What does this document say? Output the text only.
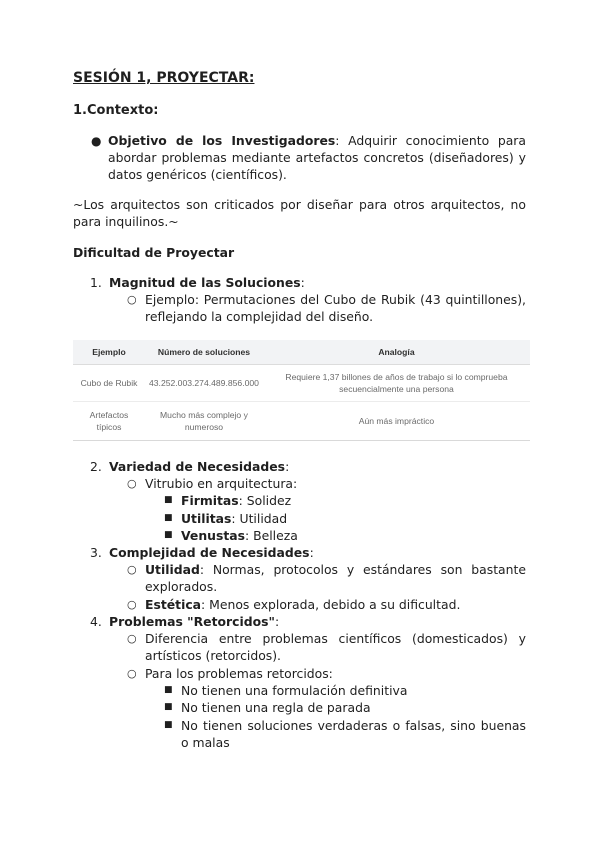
SESIÓN 1, PROYECTAR:
1.Contexto:
● Objetivo de los Investigadores: Adquirir conocimiento para abordar problemas mediante artefactos concretos (diseñadores) y datos genéricos (científicos).
~Los arquitectos son criticados por diseñar para otros arquitectos, no para inquilinos.~
Dificultad de Proyectar
1. Magnitud de las Soluciones:
○ Ejemplo: Permutaciones del Cubo de Rubik (43 quintillones), reflejando la complejidad del diseño.
Ejemplo	Número de soluciones	Analogía
Cubo de Rubik	43.252.003.274.489.856.000	Requiere 1,37 billones de años de trabajo si lo comprueba secuencialmente una persona
Artefactos típicos	Mucho más complejo y numeroso	Aún más impráctico
2. Variedad de Necesidades:
○ Vitrubio en arquitectura:
■ Firmitas: Solidez
■ Utilitas: Utilidad
■ Venustas: Belleza
3. Complejidad de Necesidades:
○ Utilidad: Normas, protocolos y estándares son bastante explorados.
○ Estética: Menos explorada, debido a su dificultad.
4. Problemas "Retorcidos":
○ Diferencia entre problemas científicos (domesticados) y artísticos (retorcidos).
○ Para los problemas retorcidos:
■ No tienen una formulación definitiva
■ No tienen una regla de parada
■ No tienen soluciones verdaderas o falsas, sino buenas o malas
